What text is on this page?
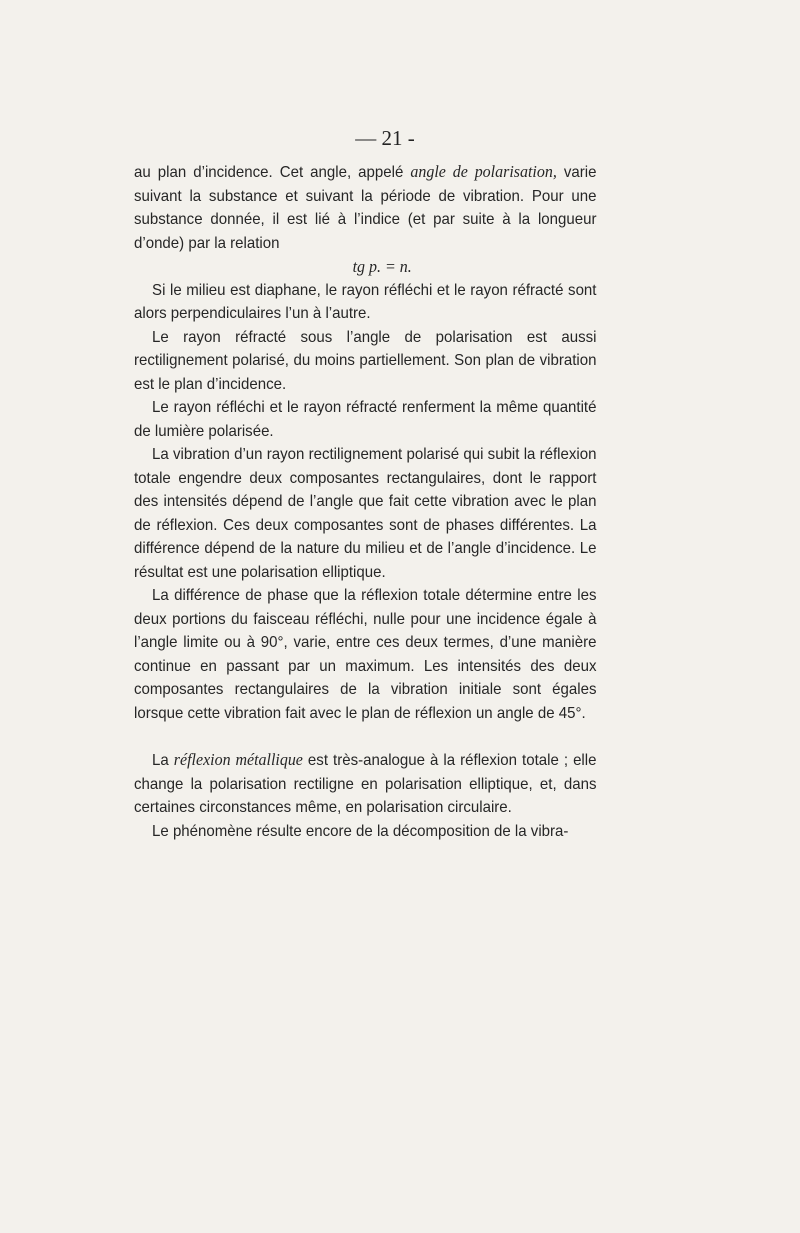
— 21 -

au plan d’incidence. Cet angle, appelé angle de polarisation, varie suivant la substance et suivant la période de vibration. Pour une substance donnée, il est lié à l’indice (et par suite à la longueur d’onde) par la relation

tg p. = n.

Si le milieu est diaphane, le rayon réfléchi et le rayon réfracté sont alors perpendiculaires l’un à l’autre.

Le rayon réfracté sous l’angle de polarisation est aussi rectilignement polarisé, du moins partiellement. Son plan de vibration est le plan d’incidence.

Le rayon réfléchi et le rayon réfracté renferment la même quantité de lumière polarisée.

La vibration d’un rayon rectilignement polarisé qui subit la réflexion totale engendre deux composantes rectangulaires, dont le rapport des intensités dépend de l’angle que fait cette vibration avec le plan de réflexion. Ces deux composantes sont de phases différentes. La différence dépend de la nature du milieu et de l’angle d’incidence. Le résultat est une polarisation elliptique.

La différence de phase que la réflexion totale détermine entre les deux portions du faisceau réfléchi, nulle pour une incidence égale à l’angle limite ou à 90°, varie, entre ces deux termes, d’une manière continue en passant par un maximum. Les intensités des deux composantes rectangulaires de la vibration initiale sont égales lorsque cette vibration fait avec le plan de réflexion un angle de 45°.

La réflexion métallique est très-analogue à la réflexion totale ; elle change la polarisation rectiligne en polarisation elliptique, et, dans certaines circonstances même, en polarisation circulaire.

Le phénomène résulte encore de la décomposition de la vibra-
